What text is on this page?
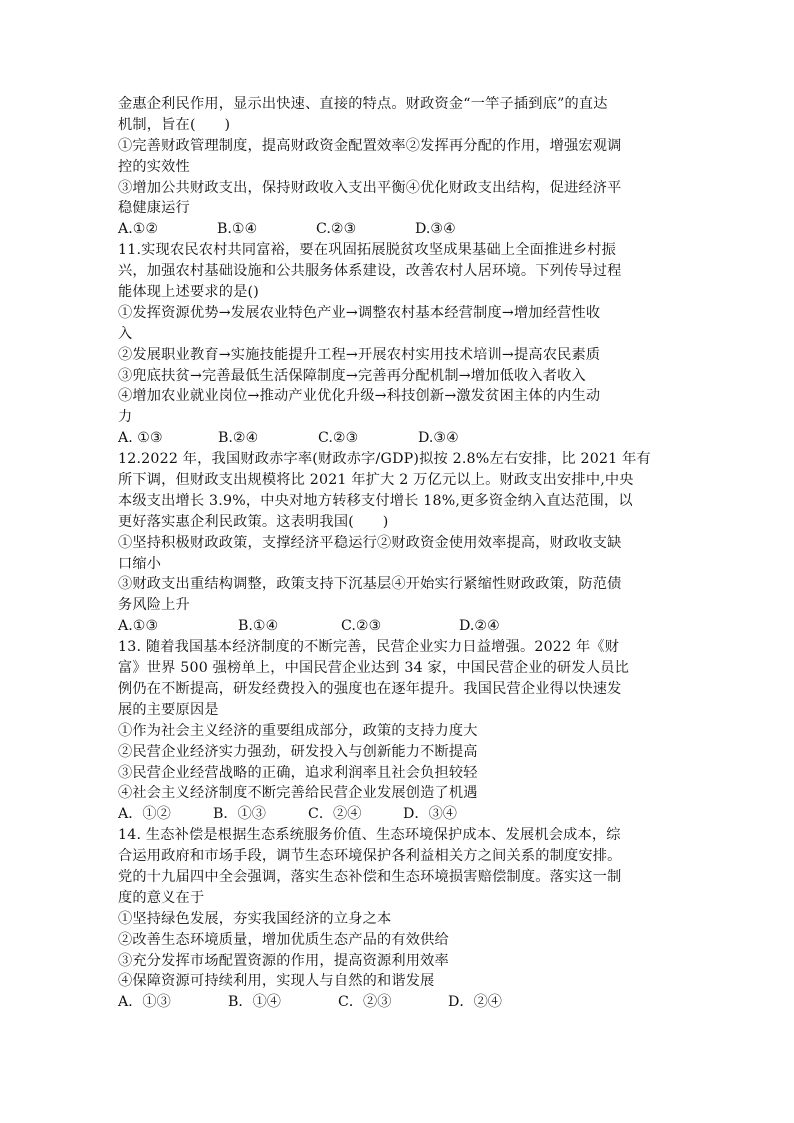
金惠企利民作用，显示出快速、直接的特点。财政资金“一竿子插到底”的直达
机制，旨在(　　)
①完善财政管理制度，提高财政资金配置效率②发挥再分配的作用，增强宏观调
控的实效性
③增加公共财政支出，保持财政收入支出平衡④优化财政支出结构，促进经济平
稳健康运行
A.①②	B.①④	C.②③	D.③④
11.实现农民农村共同富裕，要在巩固拓展脱贫攻坚成果基础上全面推进乡村振
兴，加强农村基础设施和公共服务体系建设，改善农村人居环境。下列传导过程
能体现上述要求的是()
①发挥资源优势→发展农业特色产业→调整农村基本经营制度→增加经营性收
入
②发展职业教育→实施技能提升工程→开展农村实用技术培训→提高农民素质
③兜底扶贫→完善最低生活保障制度→完善再分配机制→增加低收入者收入
④增加农业就业岗位→推动产业优化升级→科技创新→激发贫困主体的内生动
力
A. ①③	B.②④	C.②③	D.③④
12.2022 年，我国财政赤字率(财政赤字/GDP)拟按 2.8%左右安排，比 2021 年有
所下调，但财政支出规模将比 2021 年扩大 2 万亿元以上。财政支出安排中,中央
本级支出增长 3.9%，中央对地方转移支付增长 18%,更多资金纳入直达范围，以
更好落实惠企利民政策。这表明我国(　　)
①坚持积极财政政策，支撑经济平稳运行②财政资金使用效率提高，财政收支缺
口缩小
③财政支出重结构调整，政策支持下沉基层④开始实行紧缩性财政政策，防范债
务风险上升
A.①③	B.①④	C.②③	D.②④
13. 随着我国基本经济制度的不断完善，民营企业实力日益增强。2022 年《财
富》世界 500 强榜单上，中国民营企业达到 34 家，中国民营企业的研发人员比
例仍在不断提高，研发经费投入的强度也在逐年提升。我国民营企业得以快速发
展的主要原因是
①作为社会主义经济的重要组成部分，政策的支持力度大
②民营企业经济实力强劲，研发投入与创新能力不断提高
③民营企业经营战略的正确，追求利润率且社会负担较轻
④社会主义经济制度不断完善给民营企业发展创造了机遇
A．①②	B．①③	C．②④	D．③④
14. 生态补偿是根据生态系统服务价值、生态环境保护成本、发展机会成本，综
合运用政府和市场手段，调节生态环境保护各利益相关方之间关系的制度安排。
党的十九届四中全会强调，落实生态补偿和生态环境损害赔偿制度。落实这一制
度的意义在于
①坚持绿色发展，夯实我国经济的立身之本
②改善生态环境质量，增加优质生态产品的有效供给
③充分发挥市场配置资源的作用，提高资源利用效率
④保障资源可持续利用，实现人与自然的和谐发展
A．①③	B．①④	C．②③	D．②④
